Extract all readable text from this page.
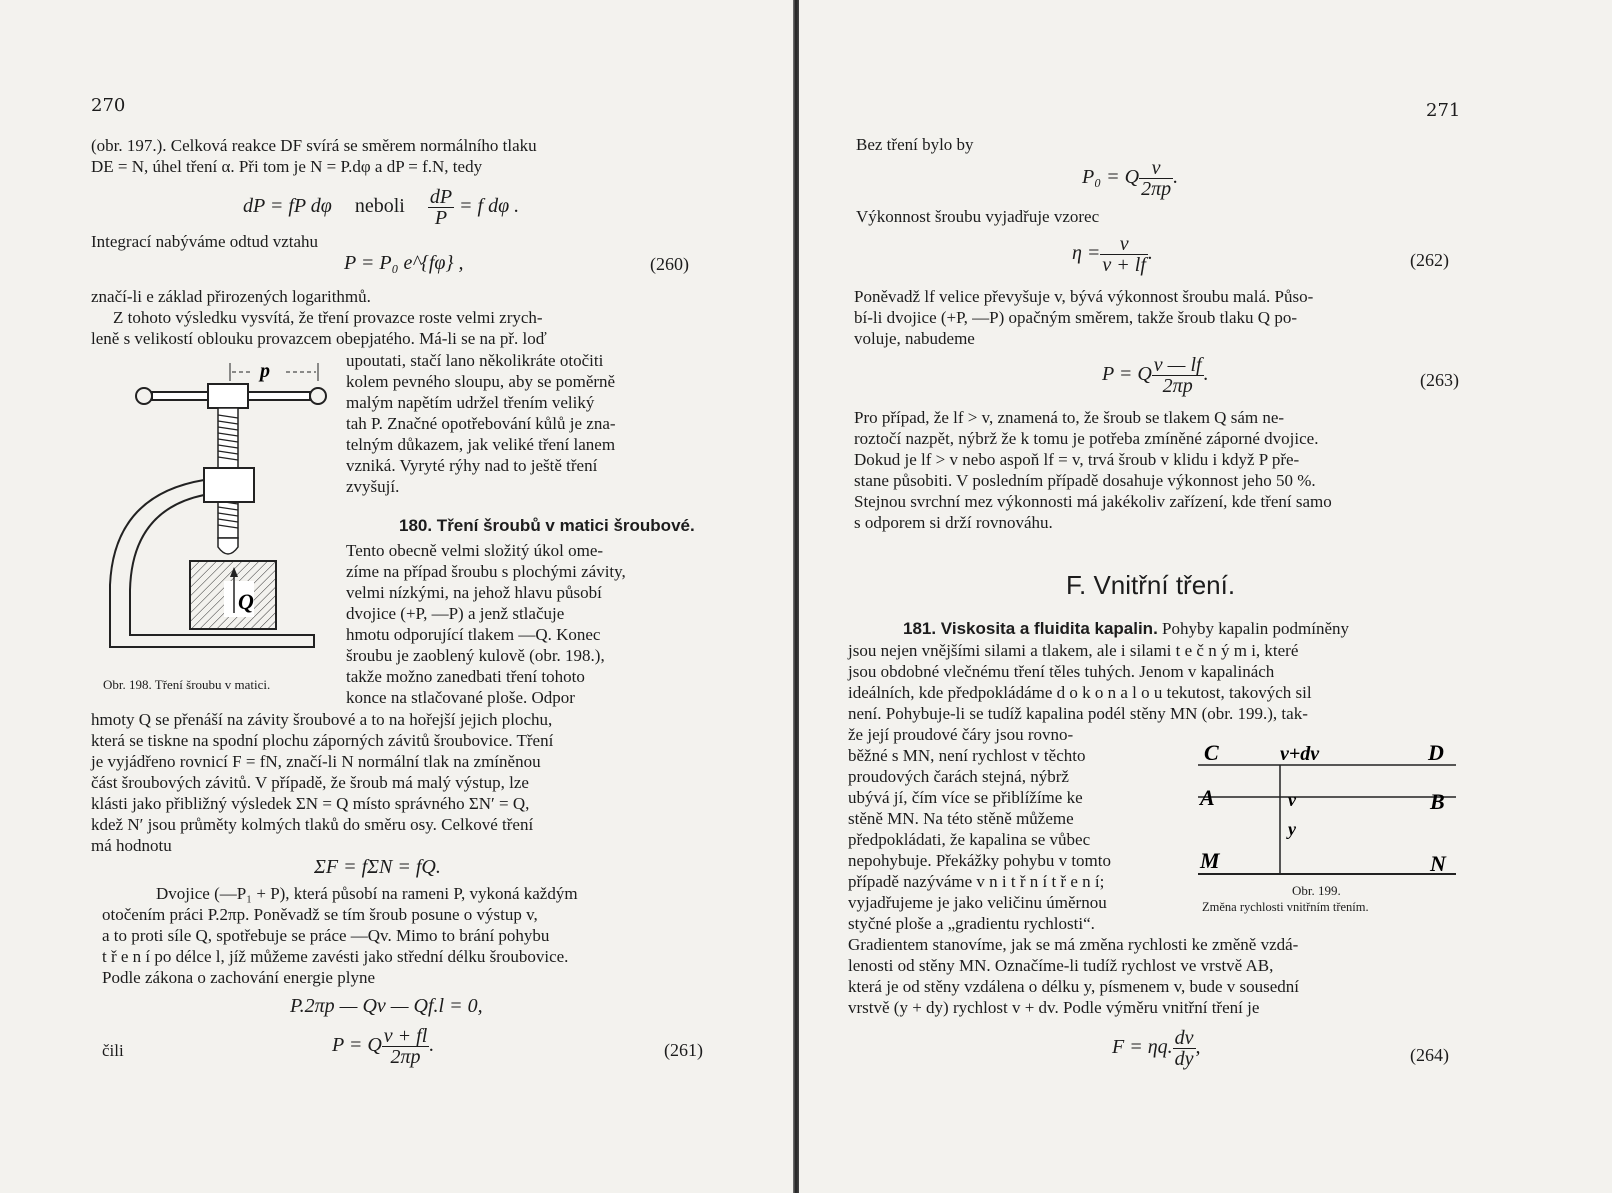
270
(obr. 197.). Celková reakce DF svírá se směrem normálního tlaku
DE = N, úhel tření α. Při tom je N = P.dφ a dP = f.N, tedy
dP = fP dφ neboli $\frac{dP}{P} = f$ dφ .
Integrací nabýváme odtud vztahu
P = P₀ e^{fφ} ,	(260)
značí-li e základ přirozených logarithmů.
Z tohoto výsledku vysvítá, že tření provazce roste velmi zrych-
leně s velikostí oblouku provazcem obepjatého. Má-li se na př. loď
upoutati, stačí lano několikráte otočiti
kolem pevného sloupu, aby se poměrně
malým napětím udržel třením veliký
tah P. Značné opotřebování kůlů je zna-
telným důkazem, jak veliké tření lanem
vzniká. Vyryté rýhy nad to ještě tření
zvyšují.
180. Tření šroubů v matici šroubové.
Tento obecně velmi složitý úkol ome-
zíme na případ šroubu s plochými závity,
velmi nízkými, na jehož hlavu působí
dvojice (+P, —P) a jenž stlačuje
hmotu odporující tlakem —Q. Konec
šroubu je zaoblený kulově (obr. 198.),
takže možno zanedbati tření tohoto
konce na stlačované ploše. Odpor
p
Q
Obr. 198. Tření šroubu v matici.
hmoty Q se přenáší na závity šroubové a to na hořejší jejich plochu,
která se tiskne na spodní plochu záporných závitů šroubovice. Tření
je vyjádřeno rovnicí F = fN, značí-li N normální tlak na zmíněnou
část šroubových závitů. V případě, že šroub má malý výstup, lze
klásti jako přibližný výsledek ΣN = Q místo správného ΣN′ = Q,
kdež N′ jsou průměty kolmých tlaků do směru osy. Celkové tření
má hodnotu
ΣF = fΣN = fQ.
Dvojice (—P₁ + P), která působí na rameni P, vykoná každým
otočením práci P.2πp. Poněvadž se tím šroub posune o výstup v,
a to proti síle Q, spotřebuje se práce —Qv. Mimo to brání pohybu
t ř e n í po délce l, jíž můžeme zavésti jako střední délku šroubovice.
Podle zákona o zachování energie plyne
P.2πp — Qv — Qf.l = 0,
čili	P = Q $\frac{v + fl}{2\pi p}$ .	(261)
271
Bez tření bylo by
P₀ = Q $\frac{v}{2\pi p}$ .
Výkonnost šroubu vyjadřuje vzorec
$\eta = \frac{v}{v + lf}$ .	(262)
Poněvadž lf velice převyšuje v, bývá výkonnost šroubu malá. Půso-
bí-li dvojice (+P, —P) opačným směrem, takže šroub tlaku Q po-
voluje, nabudeme
P = Q $\frac{v — lf}{2\pi p}$ .	(263)
Pro případ, že lf > v, znamená to, že šroub se tlakem Q sám ne-
roztočí nazpět, nýbrž že k tomu je potřeba zmíněné záporné dvojice.
Dokud je lf > v nebo aspoň lf = v, trvá šroub v klidu i když P pře-
stane působiti. V posledním případě dosahuje výkonnost jeho 50 %.
Stejnou svrchní mez výkonnosti má jakékoliv zařízení, kde tření samo
s odporem si drží rovnováhu.
F. Vnitřní tření.
181. Viskosita a fluidita kapalin. Pohyby kapalin podmíněny
jsou nejen vnějšími silami a tlakem, ale i silami t e č n ý m i, které
jsou obdobné vlečnému tření těles tuhých. Jenom v kapalinách
ideálních, kde předpokládáme d o k o n a l o u tekutost, takových sil
není. Pohybuje-li se tudíž kapalina podél stěny MN (obr. 199.), tak-
že její proudové čáry jsou rovno-
běžné s MN, není rychlost v těchto
proudových čarách stejná, nýbrž
ubývá jí, čím více se přiblížíme ke
stěně MN. Na této stěně můžeme
předpokládati, že kapalina se vůbec
nepohybuje. Překážky pohybu v tomto
případě nazýváme v n i t ř n í t ř e n í;
vyjadřujeme je jako veličinu úměrnou
styčné ploše a „gradientu rychlosti“.
C	v+dv	D
A	v	B
y
M	N
Obr. 199.
Změna rychlosti vnitřním třením.
Gradientem stanovíme, jak se má změna rychlosti ke změně vzdá-
lenosti od stěny MN. Označíme-li tudíž rychlost ve vrstvě AB,
která je od stěny vzdálena o délku y, písmenem v, bude v sousední
vrstvě (y + dy) rychlost v + dv. Podle výměru vnitřní tření je
F = ηq. $\frac{dv}{dy}$ ,	(264)
